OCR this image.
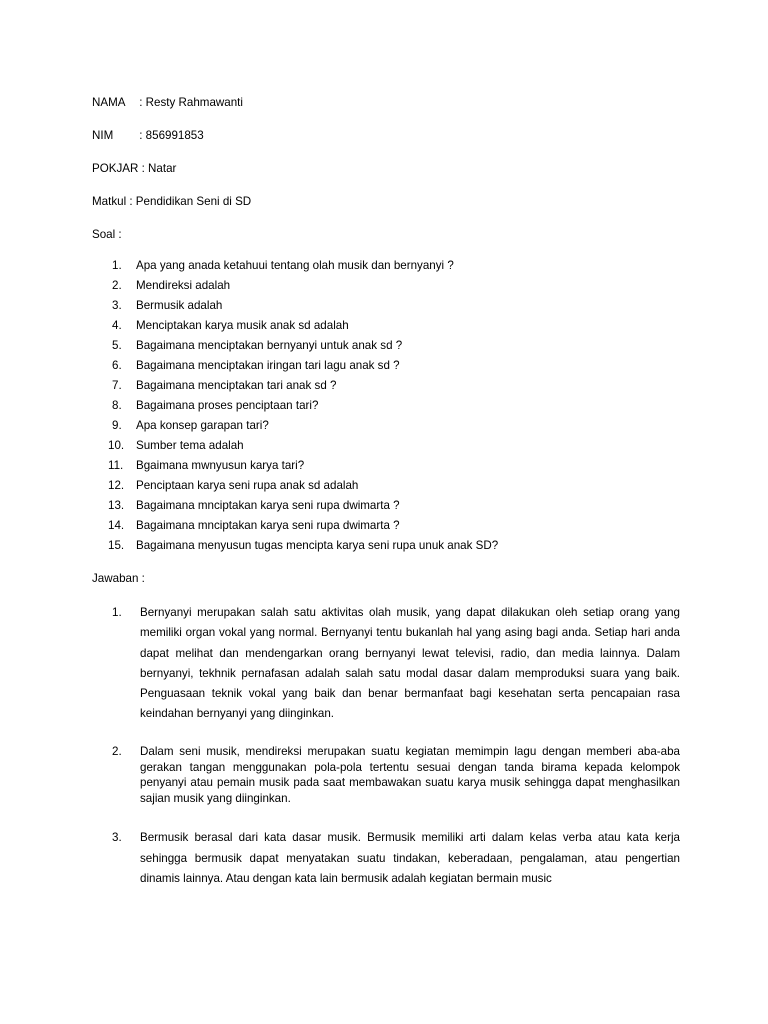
NAMA : Resty Rahmawanti
NIM : 856991853
POKJAR : Natar
Matkul : Pendidikan Seni di SD
Soal :
1.	Apa yang anada ketahuui tentang olah musik dan bernyanyi ?
2.	Mendireksi adalah
3.	Bermusik adalah
4.	Menciptakan karya musik anak sd adalah
5.	Bagaimana menciptakan bernyanyi untuk anak sd ?
6.	Bagaimana menciptakan iringan tari lagu anak sd ?
7.	Bagaimana menciptakan tari anak sd ?
8.	Bagaimana proses penciptaan tari?
9.	Apa konsep garapan tari?
10.	Sumber tema adalah
11.	Bgaimana mwnyusun karya tari?
12.	Penciptaan karya seni rupa anak sd adalah
13.	Bagaimana mnciptakan karya seni rupa dwimarta ?
14.	Bagaimana mnciptakan karya seni rupa dwimarta ?
15.	Bagaimana menyusun tugas mencipta karya seni rupa unuk anak SD?
Jawaban :
1. Bernyanyi merupakan salah satu aktivitas olah musik, yang dapat dilakukan oleh setiap orang yang memiliki organ vokal yang normal. Bernyanyi tentu bukanlah hal yang asing bagi anda. Setiap hari anda dapat melihat dan mendengarkan orang bernyanyi lewat televisi, radio, dan media lainnya. Dalam bernyanyi, tekhnik pernafasan adalah salah satu modal dasar dalam memproduksi suara yang baik. Penguasaan teknik vokal yang baik dan benar bermanfaat bagi kesehatan serta pencapaian rasa keindahan bernyanyi yang diinginkan.
2. Dalam seni musik, mendireksi merupakan suatu kegiatan memimpin lagu dengan memberi aba-aba gerakan tangan menggunakan pola-pola tertentu sesuai dengan tanda birama kepada kelompok penyanyi atau pemain musik pada saat membawakan suatu karya musik sehingga dapat menghasilkan sajian musik yang diinginkan.
3. Bermusik berasal dari kata dasar musik. Bermusik memiliki arti dalam kelas verba atau kata kerja sehingga bermusik dapat menyatakan suatu tindakan, keberadaan, pengalaman, atau pengertian dinamis lainnya. Atau dengan kata lain bermusik adalah kegiatan bermain music
